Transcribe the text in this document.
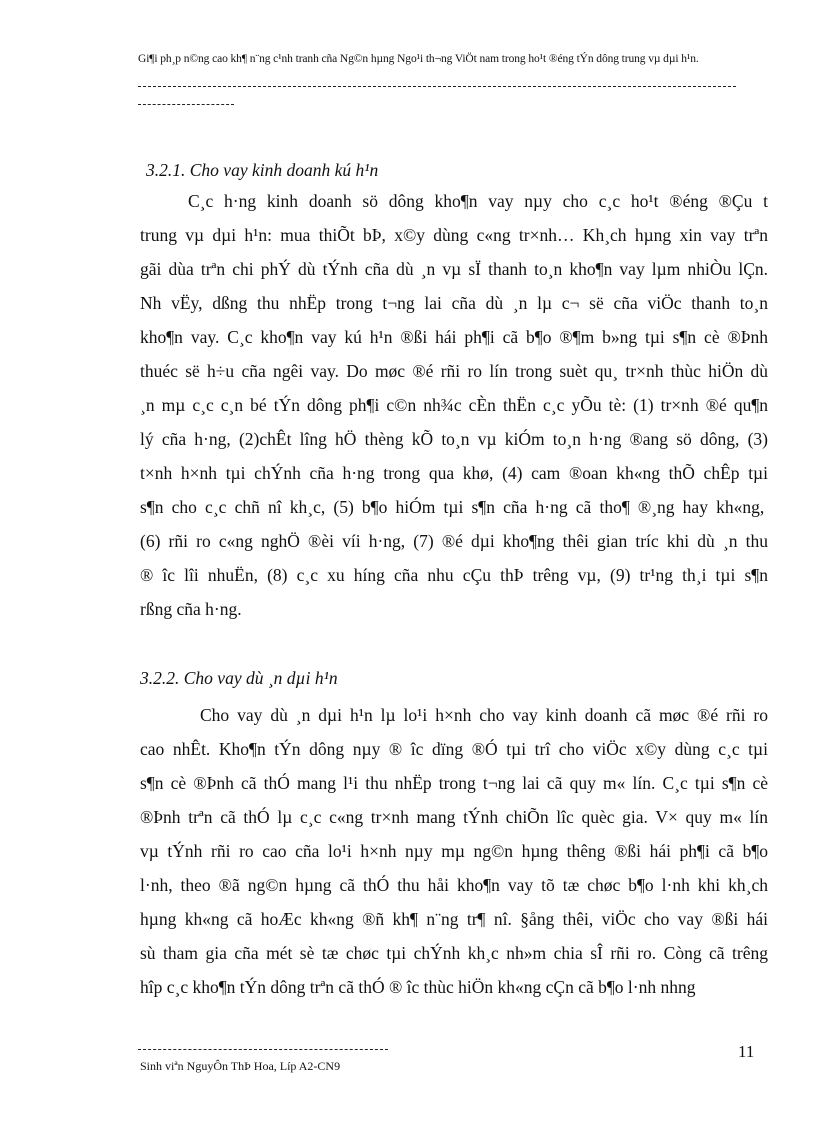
Gi¶i ph¸p n©ng cao kh¶ n¨ng c¹nh tranh cña Ng©n hµng Ngo¹i th¬ng ViÖt nam trong ho¹t ®éng tÝn dông trung vµ dµi h¹n.
3.2.1. Cho vay kinh doanh kú h¹n
C¸c h·ng kinh doanh sö dông kho¶n vay nµy cho c¸c ho¹t ®éng ®Çu t
trung vµ dµi h¹n: mua thiÕt bÞ, x©y dùng c«ng tr×nh… Kh¸ch hµng xin vay trªn
gãi dùa trªn chi phÝ dù tÝnh cña dù ¸n vµ sÏ thanh to¸n kho¶n vay lµm nhiÒu lÇn.
Nh vËy, dßng thu nhËp trong t¬ng lai cña dù ¸n lµ c¬ së cña viÖc thanh to¸n
kho¶n vay. C¸c kho¶n vay kú h¹n ®ßi hái ph¶i cã b¶o ®¶m b»ng tµi s¶n cè ®Þnh
thuéc së h÷u cña ngêi vay. Do møc ®é rñi ro lín trong suèt qu¸ tr×nh thùc hiÖn dù
¸n mµ c¸c c¸n bé tÝn dông ph¶i c©n nh¾c cÈn thËn c¸c yÕu tè: (1) tr×nh ®é qu¶n
lý cña h·ng, (2)chÊt lîng hÖ thèng kÕ to¸n vµ kiÓm to¸n h·ng ®ang sö dông, (3)
t×nh h×nh tµi chÝnh cña h·ng trong qua khø, (4) cam ®oan kh«ng thÕ chÊp tµi
s¶n cho c¸c chñ nî kh¸c, (5) b¶o hiÓm tµi s¶n cña h·ng cã tho¶ ®¸ng hay kh«ng,
(6) rñi ro c«ng nghÖ ®èi víi h·ng, (7) ®é dµi kho¶ng thêi gian tríc khi dù ¸n thu
® îc lîi nhuËn, (8) c¸c xu híng cña nhu cÇu thÞ trêng vµ, (9) tr¹ng th¸i tµi s¶n
rßng cña h·ng.
3.2.2. Cho vay dù ¸n dµi h¹n
Cho vay dù ¸n dµi h¹n lµ lo¹i h×nh cho vay kinh doanh cã møc ®é rñi ro
cao nhÊt. Kho¶n tÝn dông nµy ® îc dïng ®Ó tµi trî cho viÖc x©y dùng c¸c tµi
s¶n cè ®Þnh cã thÓ mang l¹i thu nhËp trong t¬ng lai cã quy m« lín. C¸c tµi s¶n cè
®Þnh trªn cã thÓ lµ c¸c c«ng tr×nh mang tÝnh chiÕn lîc quèc gia. V× quy m« lín
vµ tÝnh rñi ro cao cña lo¹i h×nh nµy mµ ng©n hµng thêng ®ßi hái ph¶i cã b¶o
l·nh, theo ®ã ng©n hµng cã thÓ thu håi kho¶n vay tõ tæ chøc b¶o l·nh khi kh¸ch
hµng kh«ng cã hoÆc kh«ng ®ñ kh¶ n¨ng tr¶ nî. §ång thêi, viÖc cho vay ®ßi hái
sù tham gia cña mét sè tæ chøc tµi chÝnh kh¸c nh»m chia sÎ rñi ro. Còng cã trêng
hîp c¸c kho¶n tÝn dông trªn cã thÓ ® îc thùc hiÖn kh«ng cÇn cã b¶o l·nh nhng
Sinh viªn NguyÔn ThÞ Hoa, Líp A2-CN9
11
